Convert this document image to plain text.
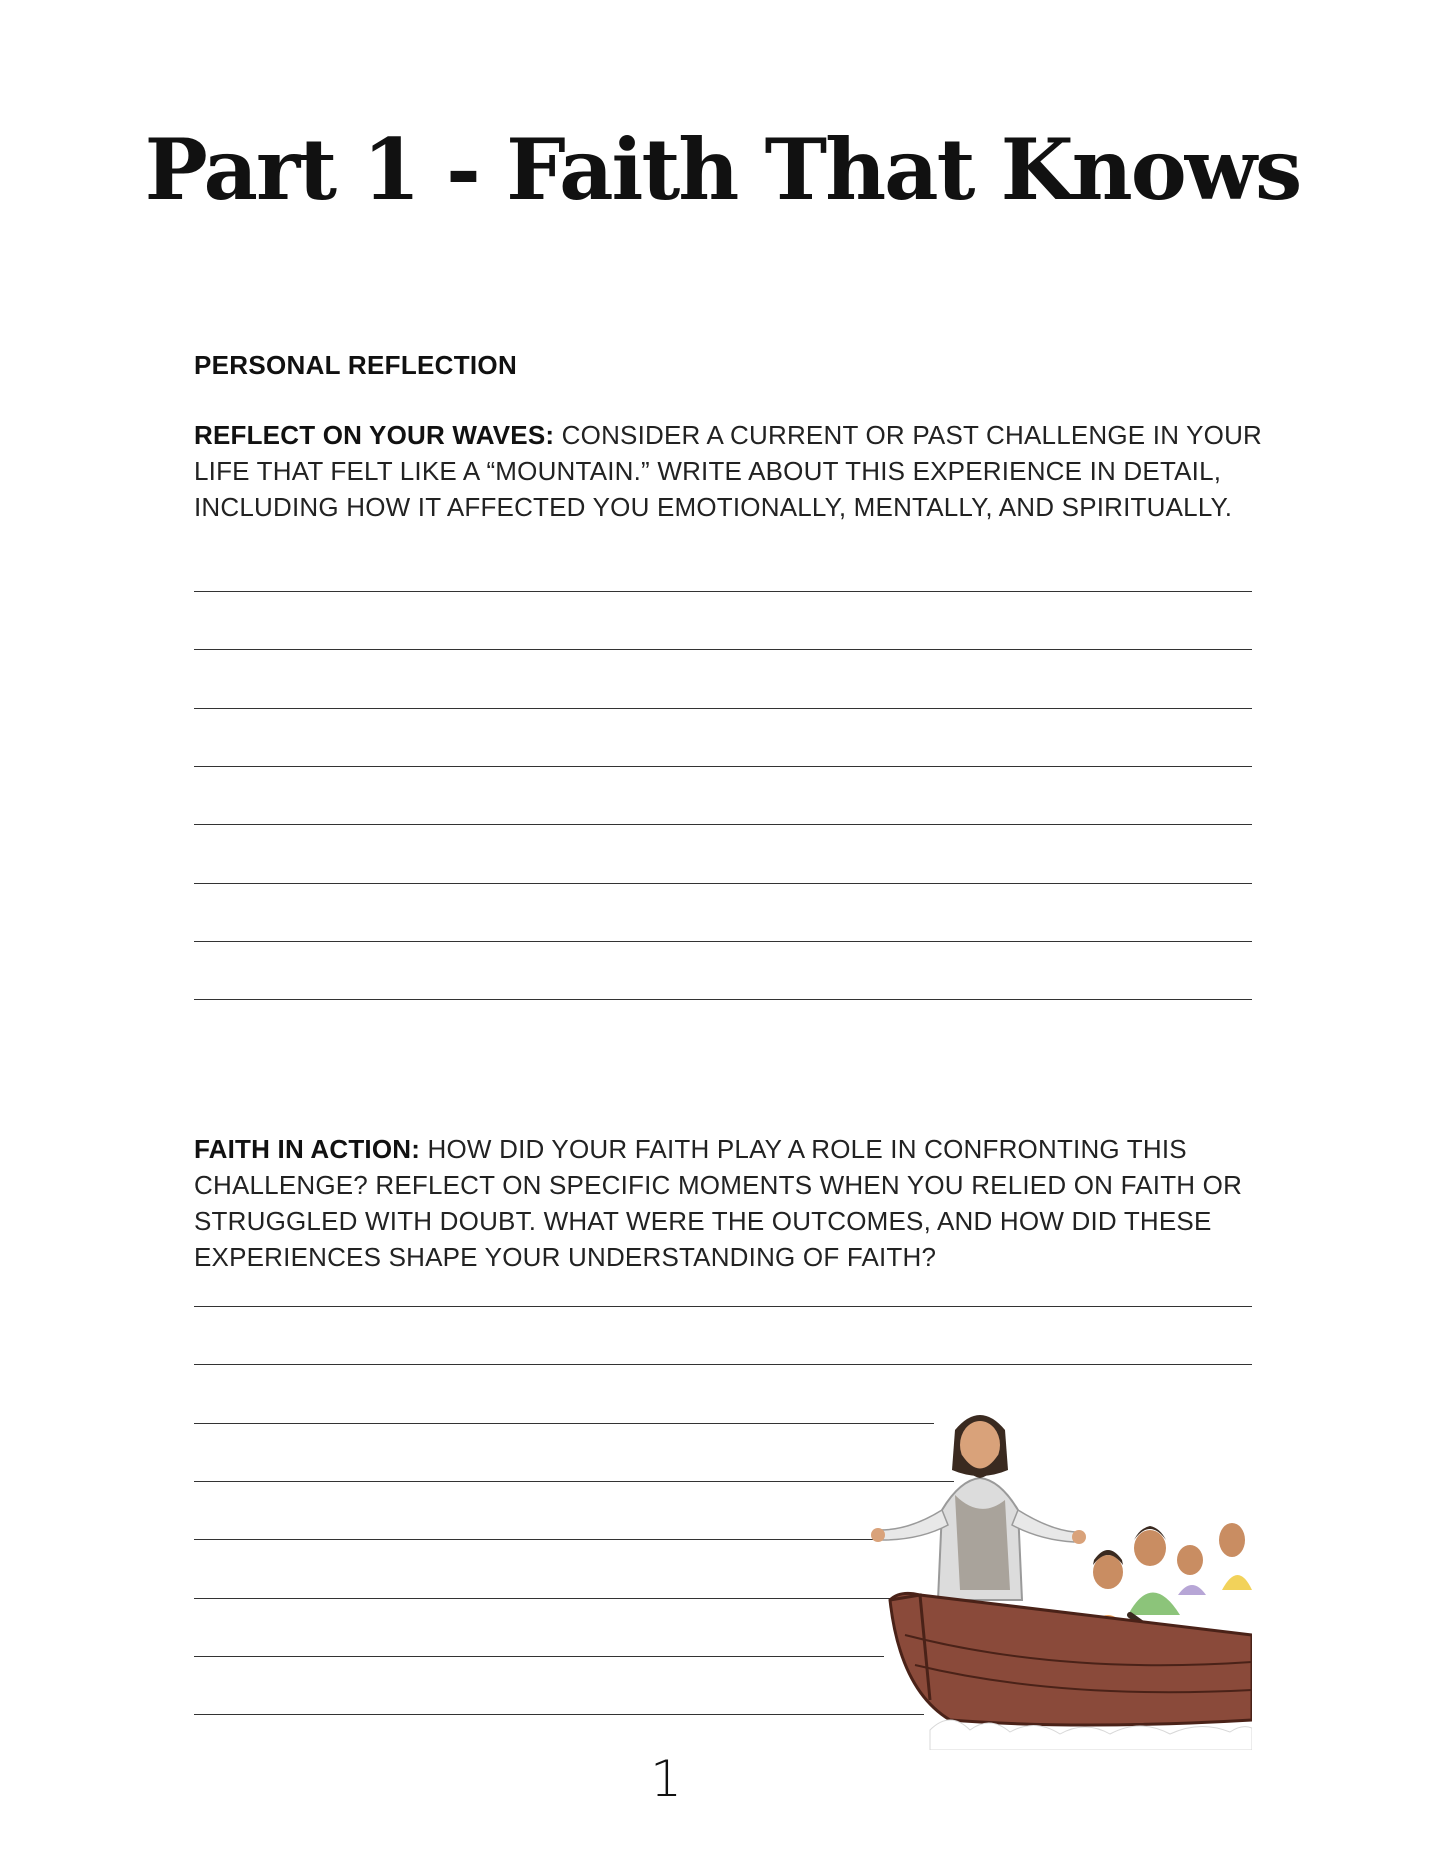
Part 1 - Faith That Knows
PERSONAL REFLECTION

REFLECT ON YOUR WAVES: CONSIDER A CURRENT OR PAST CHALLENGE IN YOUR LIFE THAT FELT LIKE A “MOUNTAIN.” WRITE ABOUT THIS EXPERIENCE IN DETAIL, INCLUDING HOW IT AFFECTED YOU EMOTIONALLY, MENTALLY, AND SPIRITUALLY.

FAITH IN ACTION: HOW DID YOUR FAITH PLAY A ROLE IN CONFRONTING THIS CHALLENGE? REFLECT ON SPECIFIC MOMENTS WHEN YOU RELIED ON FAITH OR STRUGGLED WITH DOUBT. WHAT WERE THE OUTCOMES, AND HOW DID THESE EXPERIENCES SHAPE YOUR UNDERSTANDING OF FAITH?

1
